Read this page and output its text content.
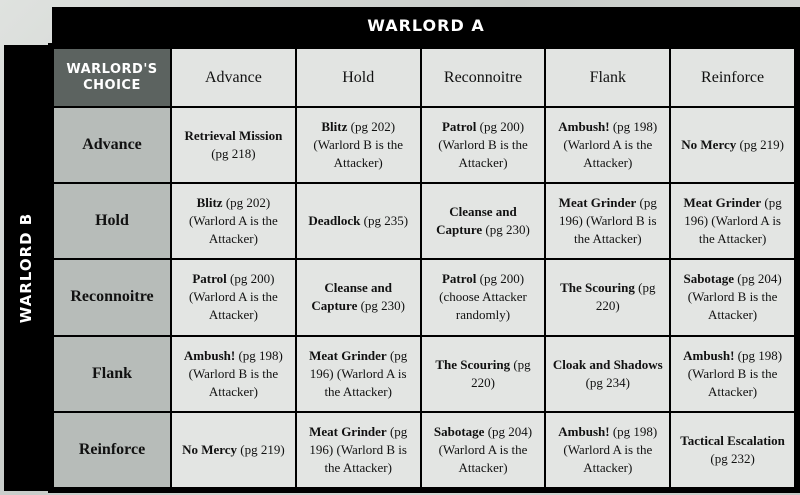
WARLORD A
WARLORD B
WARLORD'S
CHOICE	Advance	Hold	Reconnoitre	Flank	Reinforce
Advance	Retrieval Mission (pg 218)	Blitz (pg 202) (Warlord B is the Attacker)	Patrol (pg 200) (Warlord B is the Attacker)	Ambush! (pg 198) (Warlord A is the Attacker)	No Mercy (pg 219)
Hold	Blitz (pg 202) (Warlord A is the Attacker)	Deadlock (pg 235)	Cleanse and Capture (pg 230)	Meat Grinder (pg 196) (Warlord B is the Attacker)	Meat Grinder (pg 196) (Warlord A is the Attacker)
Reconnoitre	Patrol (pg 200) (Warlord A is the Attacker)	Cleanse and Capture (pg 230)	Patrol (pg 200) (choose Attacker randomly)	The Scouring (pg 220)	Sabotage (pg 204) (Warlord B is the Attacker)
Flank	Ambush! (pg 198) (Warlord B is the Attacker)	Meat Grinder (pg 196) (Warlord A is the Attacker)	The Scouring (pg 220)	Cloak and Shadows (pg 234)	Ambush! (pg 198) (Warlord B is the Attacker)
Reinforce	No Mercy (pg 219)	Meat Grinder (pg 196) (Warlord B is the Attacker)	Sabotage (pg 204) (Warlord A is the Attacker)	Ambush! (pg 198) (Warlord A is the Attacker)	Tactical Escalation (pg 232)
